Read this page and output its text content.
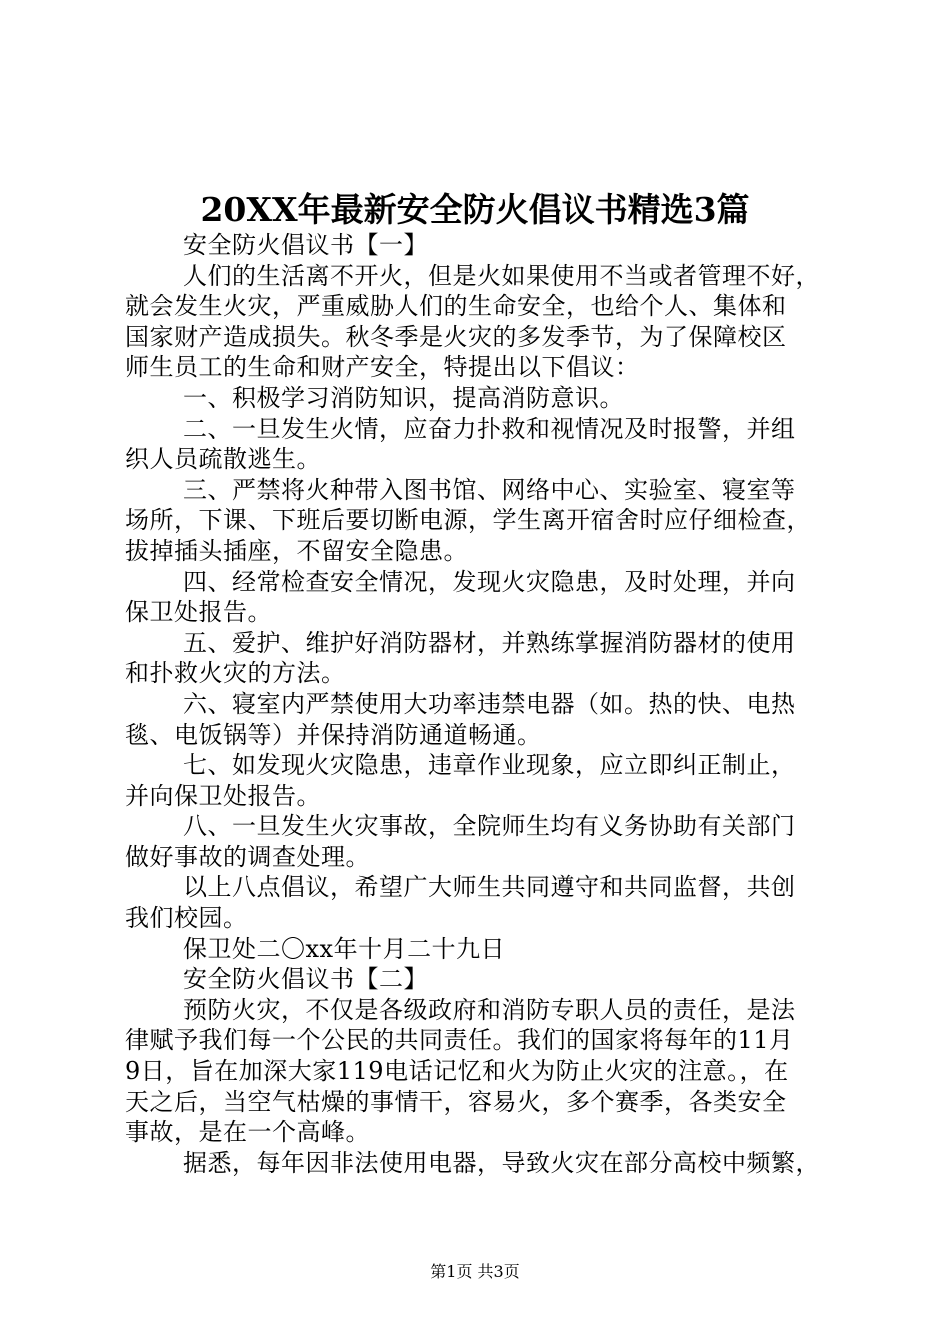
20XX年最新安全防火倡议书精选3篇
安全防火倡议书【一】
人们的生活离不开火，但是火如果使用不当或者管理不好，
就会发生火灾，严重威胁人们的生命安全，也给个人、集体和
国家财产造成损失。秋冬季是火灾的多发季节，为了保障校区
师生员工的生命和财产安全，特提出以下倡议：
一、积极学习消防知识，提高消防意识。
二、一旦发生火情，应奋力扑救和视情况及时报警，并组
织人员疏散逃生。
三、严禁将火种带入图书馆、网络中心、实验室、寝室等
场所，下课、下班后要切断电源，学生离开宿舍时应仔细检查，
拔掉插头插座，不留安全隐患。
四、经常检查安全情况，发现火灾隐患，及时处理，并向
保卫处报告。
五、爱护、维护好消防器材，并熟练掌握消防器材的使用
和扑救火灾的方法。
六、寝室内严禁使用大功率违禁电器（如。热的快、电热
毯、电饭锅等）并保持消防通道畅通。
七、如发现火灾隐患，违章作业现象，应立即纠正制止，
并向保卫处报告。
八、一旦发生火灾事故，全院师生均有义务协助有关部门
做好事故的调查处理。
以上八点倡议，希望广大师生共同遵守和共同监督，共创
我们校园。
保卫处二〇xx年十月二十九日
安全防火倡议书【二】
预防火灾，不仅是各级政府和消防专职人员的责任，是法
律赋予我们每一个公民的共同责任。我们的国家将每年的11月
9日，旨在加深大家119电话记忆和火为防止火灾的注意。，在
天之后，当空气枯燥的事情干，容易火，多个赛季，各类安全
事故，是在一个高峰。
据悉，每年因非法使用电器，导致火灾在部分高校中频繁，
第1页 共3页
